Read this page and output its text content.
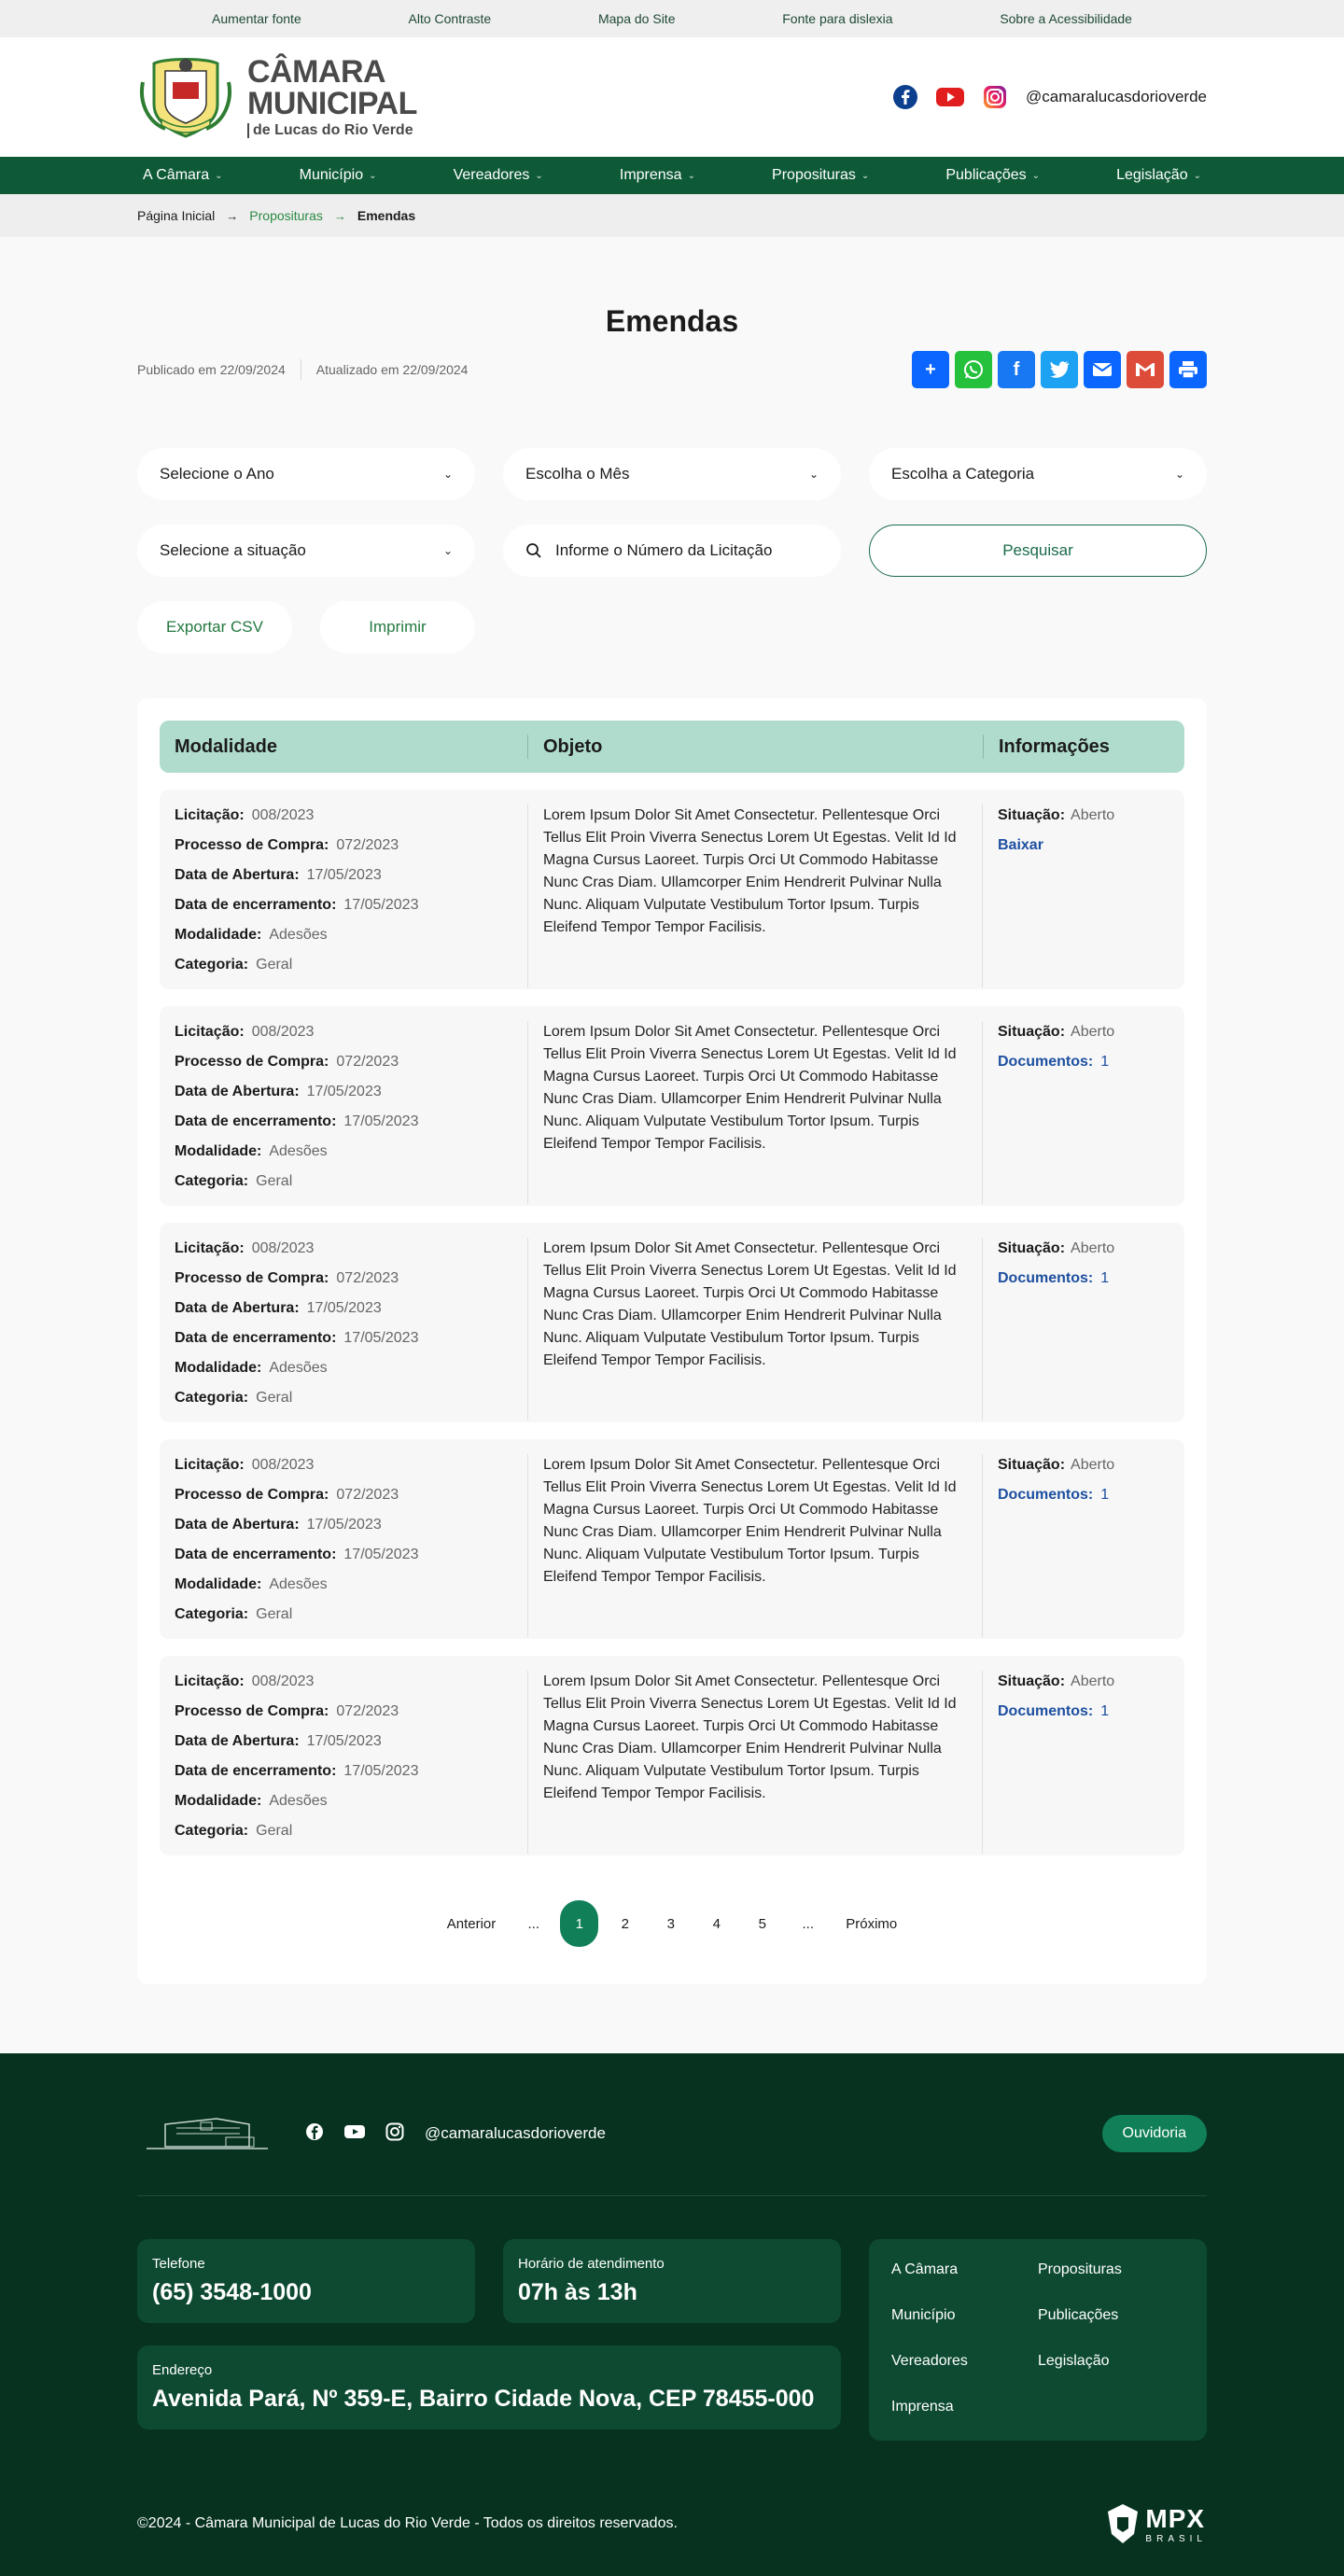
Aumentar fonte	Alto Contraste	Mapa do Site	Fonte para dislexia	Sobre a Acessibilidade
CÂMARA
MUNICIPAL
de Lucas do Rio Verde
@camaralucasdorioverde
A Câmara ⌄	Município ⌄	Vereadores ⌄	Imprensa ⌄	Proposituras ⌄	Publicações ⌄	Legislação ⌄
Página Inicial → Proposituras → Emendas
Emendas
Publicado em 22/09/2024 Atualizado em 22/09/2024	+	f
Selecione o Ano	⌄	Escolha o Mês	⌄	Escolha a Categoria	⌄
Selecione a situação	⌄
Informe o Número da Licitação	Pesquisar
Exportar CSV	Imprimir
Modalidade	Objeto	Informações
Licitação: 008/2023
Processo de Compra: 072/2023
Data de Abertura: 17/05/2023
Data de encerramento: 17/05/2023
Modalidade: Adesões
Categoria: Geral
Lorem Ipsum Dolor Sit Amet Consectetur. Pellentesque Orci Tellus Elit Proin Viverra Senectus Lorem Ut Egestas. Velit Id Id Magna Cursus Laoreet. Turpis Orci Ut Commodo Habitasse Nunc Cras Diam. Ullamcorper Enim Hendrerit Pulvinar Nulla Nunc. Aliquam Vulputate Vestibulum Tortor Ipsum. Turpis Eleifend Tempor Tempor Facilisis.
Situação: Aberto
Baixar
Licitação: 008/2023
Processo de Compra: 072/2023
Data de Abertura: 17/05/2023
Data de encerramento: 17/05/2023
Modalidade: Adesões
Categoria: Geral
Lorem Ipsum Dolor Sit Amet Consectetur. Pellentesque Orci Tellus Elit Proin Viverra Senectus Lorem Ut Egestas. Velit Id Id Magna Cursus Laoreet. Turpis Orci Ut Commodo Habitasse Nunc Cras Diam. Ullamcorper Enim Hendrerit Pulvinar Nulla Nunc. Aliquam Vulputate Vestibulum Tortor Ipsum. Turpis Eleifend Tempor Tempor Facilisis.
Situação: Aberto
Documentos: 1
Licitação: 008/2023
Processo de Compra: 072/2023
Data de Abertura: 17/05/2023
Data de encerramento: 17/05/2023
Modalidade: Adesões
Categoria: Geral
Lorem Ipsum Dolor Sit Amet Consectetur. Pellentesque Orci Tellus Elit Proin Viverra Senectus Lorem Ut Egestas. Velit Id Id Magna Cursus Laoreet. Turpis Orci Ut Commodo Habitasse Nunc Cras Diam. Ullamcorper Enim Hendrerit Pulvinar Nulla Nunc. Aliquam Vulputate Vestibulum Tortor Ipsum. Turpis Eleifend Tempor Tempor Facilisis.
Situação: Aberto
Documentos: 1
Licitação: 008/2023
Processo de Compra: 072/2023
Data de Abertura: 17/05/2023
Data de encerramento: 17/05/2023
Modalidade: Adesões
Categoria: Geral
Lorem Ipsum Dolor Sit Amet Consectetur. Pellentesque Orci Tellus Elit Proin Viverra Senectus Lorem Ut Egestas. Velit Id Id Magna Cursus Laoreet. Turpis Orci Ut Commodo Habitasse Nunc Cras Diam. Ullamcorper Enim Hendrerit Pulvinar Nulla Nunc. Aliquam Vulputate Vestibulum Tortor Ipsum. Turpis Eleifend Tempor Tempor Facilisis.
Situação: Aberto
Documentos: 1
Licitação: 008/2023
Processo de Compra: 072/2023
Data de Abertura: 17/05/2023
Data de encerramento: 17/05/2023
Modalidade: Adesões
Categoria: Geral
Lorem Ipsum Dolor Sit Amet Consectetur. Pellentesque Orci Tellus Elit Proin Viverra Senectus Lorem Ut Egestas. Velit Id Id Magna Cursus Laoreet. Turpis Orci Ut Commodo Habitasse Nunc Cras Diam. Ullamcorper Enim Hendrerit Pulvinar Nulla Nunc. Aliquam Vulputate Vestibulum Tortor Ipsum. Turpis Eleifend Tempor Tempor Facilisis.
Situação: Aberto
Documentos: 1
Anterior	...	1	2	3	4	5	...	Próximo
@camaralucasdorioverde	Ouvidoria
Telefone
(65) 3548-1000
Horário de atendimento
07h às 13h
Endereço
Avenida Pará, Nº 359-E, Bairro Cidade Nova, CEP 78455-000
A Câmara	Proposituras
Município	Publicações
Vereadores	Legislação
Imprensa
©2024 - Câmara Municipal de Lucas do Rio Verde - Todos os direitos reservados.	MPX
BRASIL
